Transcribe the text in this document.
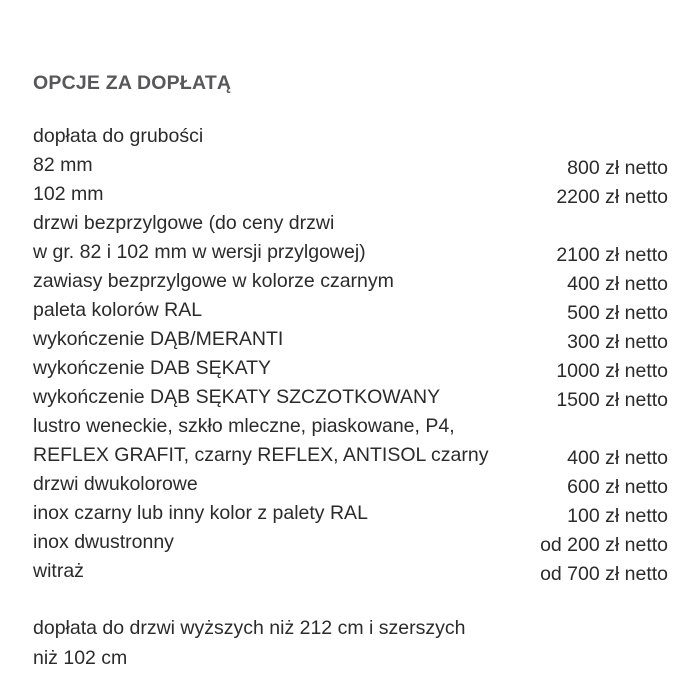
OPCJE ZA DOPŁATĄ
dopłata do grubości
82 mm	800 zł netto
102 mm	2200 zł netto
drzwi bezprzylgowe (do ceny drzwi
w gr. 82 i 102 mm w wersji przylgowej)	2100 zł netto
zawiasy bezprzylgowe w kolorze czarnym	400 zł netto
paleta kolorów RAL	500 zł netto
wykończenie DĄB/MERANTI	300 zł netto
wykończenie DAB SĘKATY	1000 zł netto
wykończenie DĄB SĘKATY SZCZOTKOWANY	1500 zł netto
lustro weneckie, szkło mleczne, piaskowane, P4,
REFLEX GRAFIT, czarny REFLEX, ANTISOL czarny	400 zł netto
drzwi dwukolorowe	600 zł netto
inox czarny lub inny kolor z palety RAL	100 zł netto
inox dwustronny	od 200 zł netto
witraż	od 700 zł netto
dopłata do drzwi wyższych niż 212 cm i szerszych
niż 102 cm
